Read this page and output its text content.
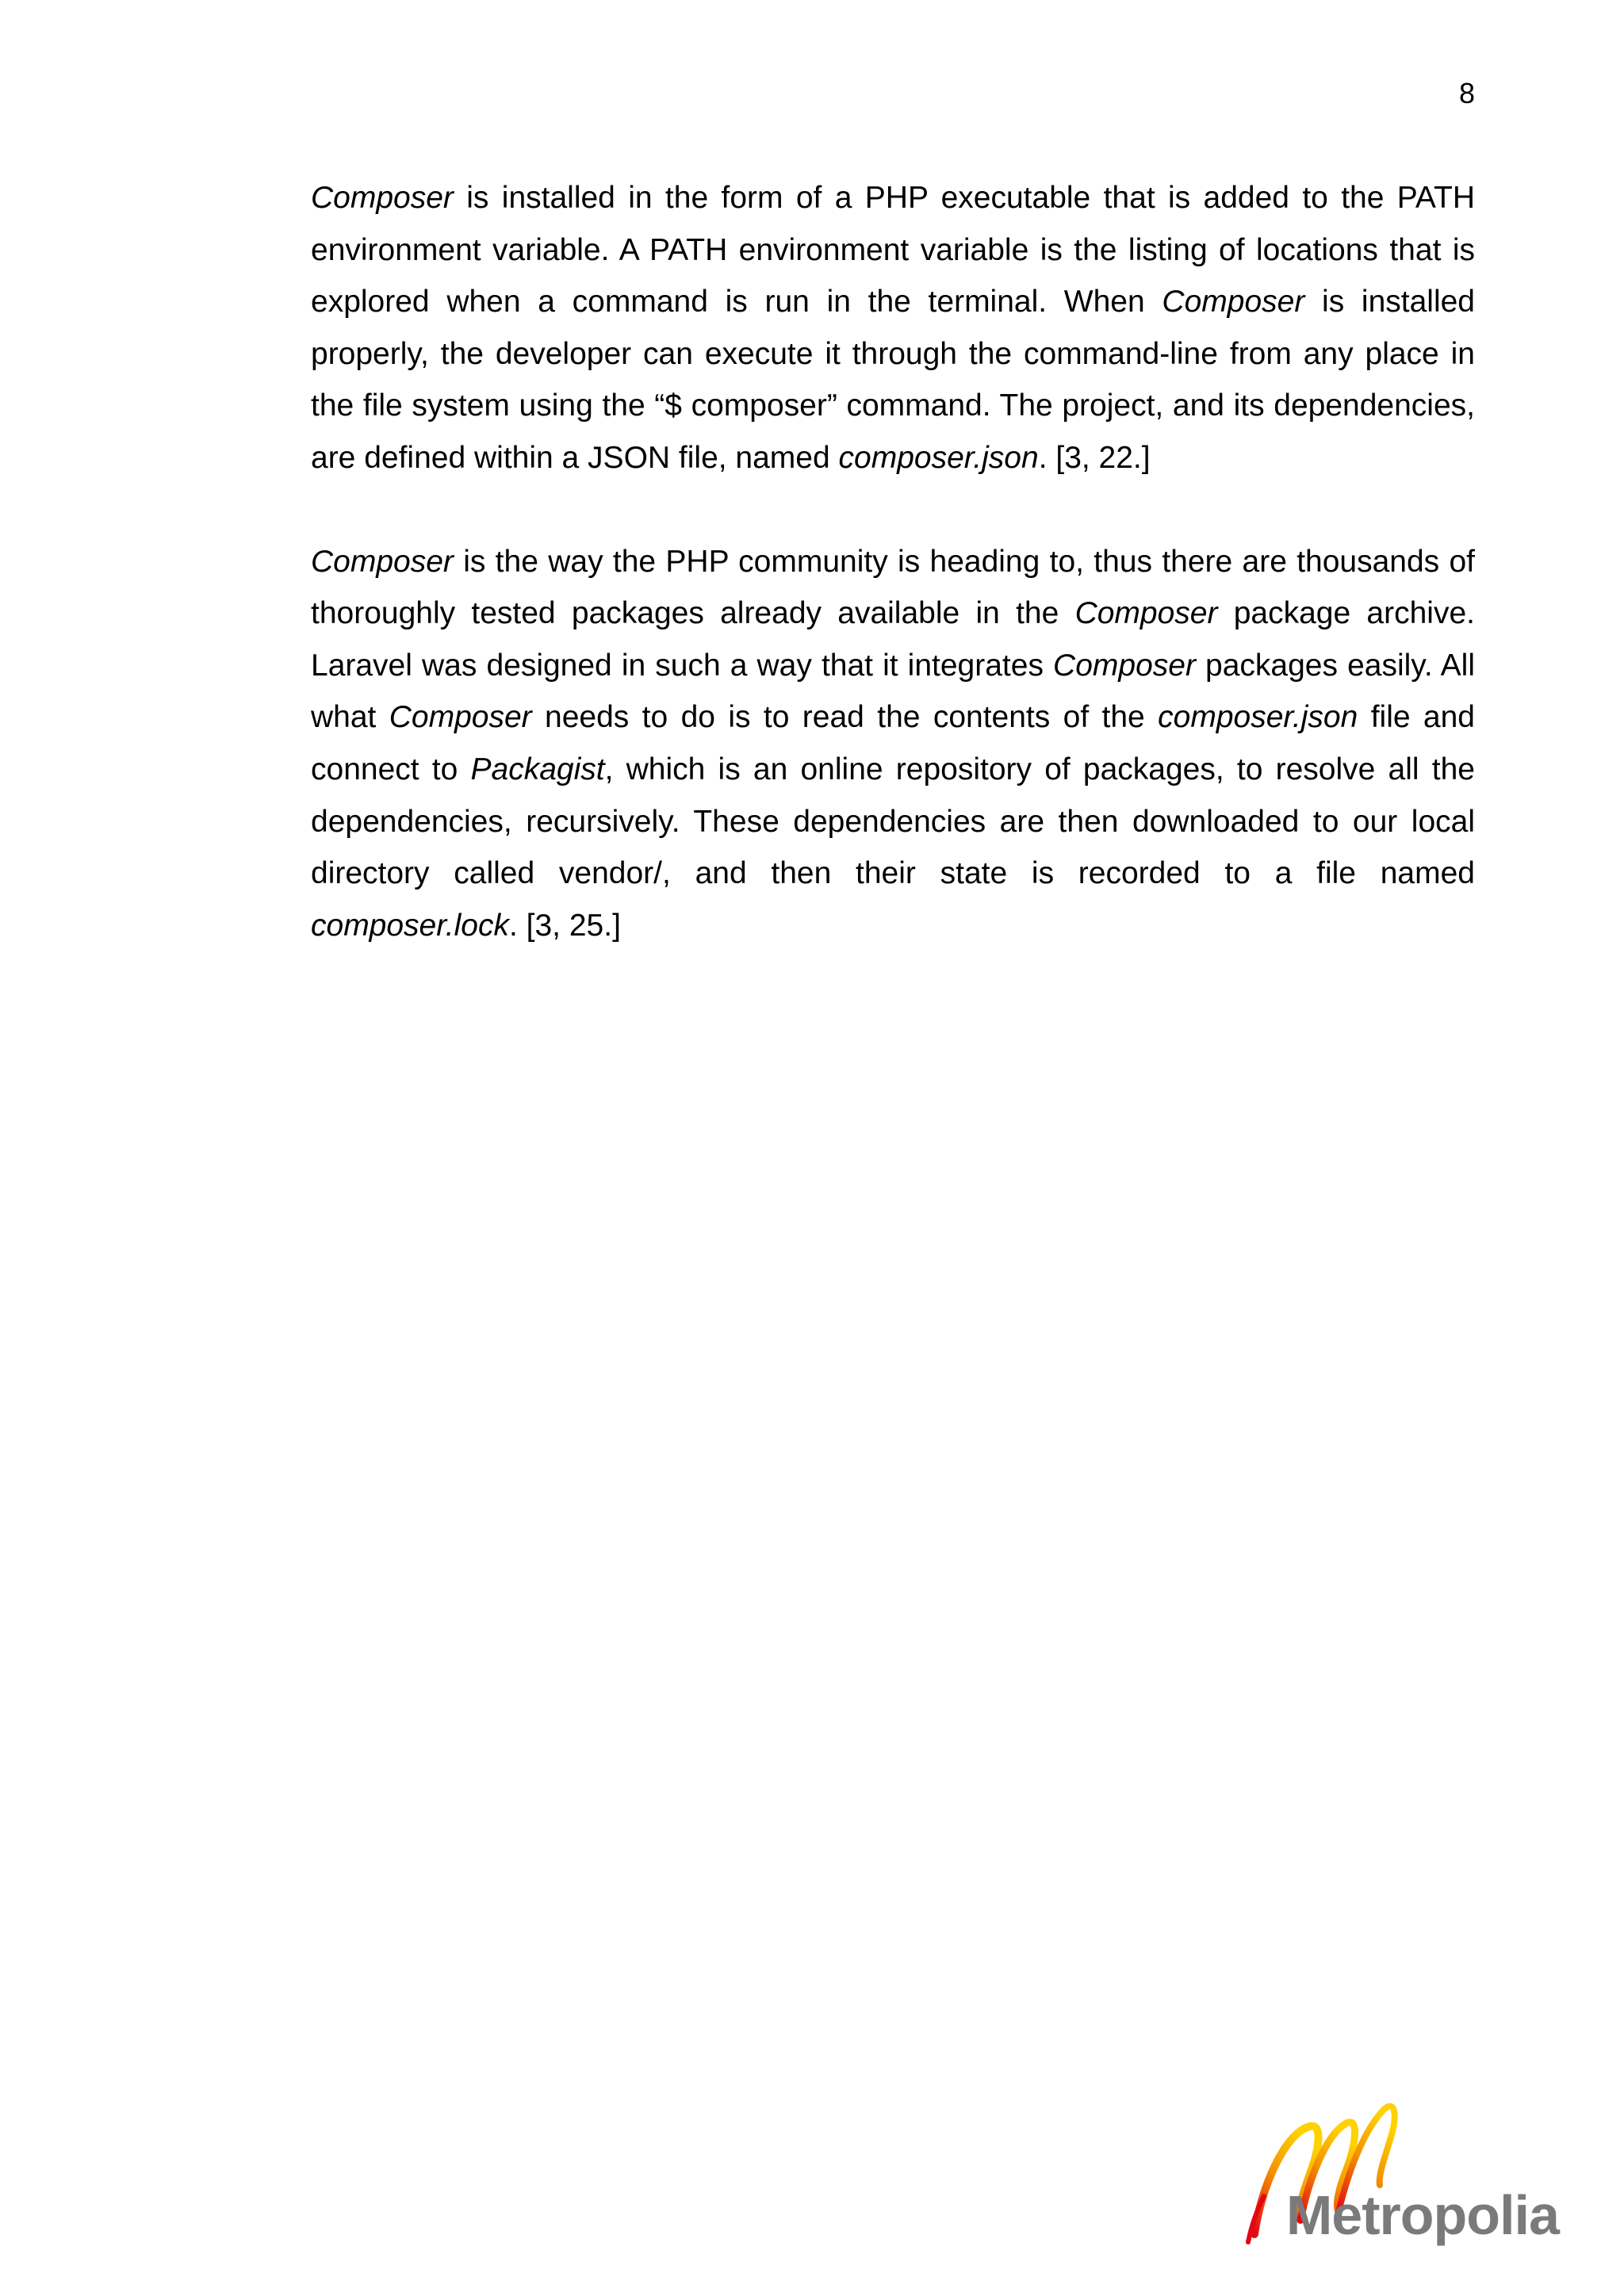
8

Composer is installed in the form of a PHP executable that is added to the PATH environment variable. A PATH environment variable is the listing of locations that is explored when a command is run in the terminal. When Composer is installed properly, the developer can execute it through the command-line from any place in the file system using the “$ composer” command. The project, and its dependencies, are defined within a JSON file, named composer.json. [3, 22.]

Composer is the way the PHP community is heading to, thus there are thousands of thoroughly tested packages already available in the Composer package archive. Laravel was designed in such a way that it integrates Composer packages easily. All what Composer needs to do is to read the contents of the composer.json file and connect to Packagist, which is an online repository of packages, to resolve all the dependencies, recursively. These dependencies are then downloaded to our local directory called vendor/, and then their state is recorded to a file named composer.lock. [3, 25.]

Metropolia
